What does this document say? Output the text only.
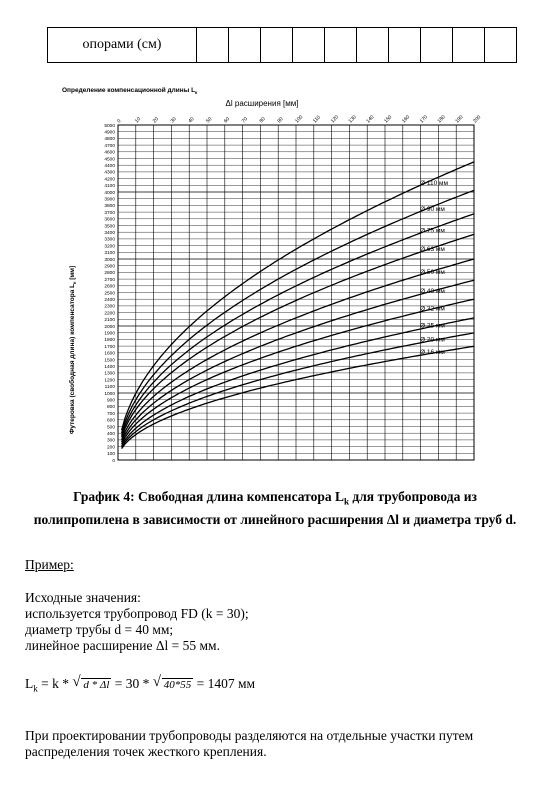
опорами (см)										
0
100
200
300
400
500
600
700
800
900
1000
1100
1200
1300
1400
1500
1600
1700
1800
1900
2000
2100
2200
2300
2400
2500
2600
2700
2800
2900
3000
3100
3200
3300
3400
3500
3600
3700
3800
3900
4000
4100
4200
4300
4400
4500
4600
4700
4800
4900
5000
0 10 20 30 40 50 60 70 80 90 100 110 120 130 140 150 160 170 180 190 200
Ø 110 мм
Ø 90 мм
Ø 75 мм
Ø 63 мм
Ø 50 мм
Ø 40 мм
Ø 32 мм
Ø 25 мм
Ø 20 мм
Ø 16 мм
Определение компенсационной длины $L_к$
Δl расширения [мм]
Футеровка (свободная длина) компенсатора $L_к$ [мм]
График 4: Свободная длина компенсатора $L_k$ для трубопровода из полипропилена в зависимости от линейного расширения Δl и диаметра труб d.
Пример:
Исходные значения:
используется трубопровод FD (k = 30);
диаметр трубы d = 40 мм;
линейное расширение Δl = 55 мм.
$L_k = k$ * √ d * Δl = 30 * √ 40*55 = 1407 мм
При проектировании трубопроводы разделяются на отдельные участки путем распределения точек жесткого крепления.
